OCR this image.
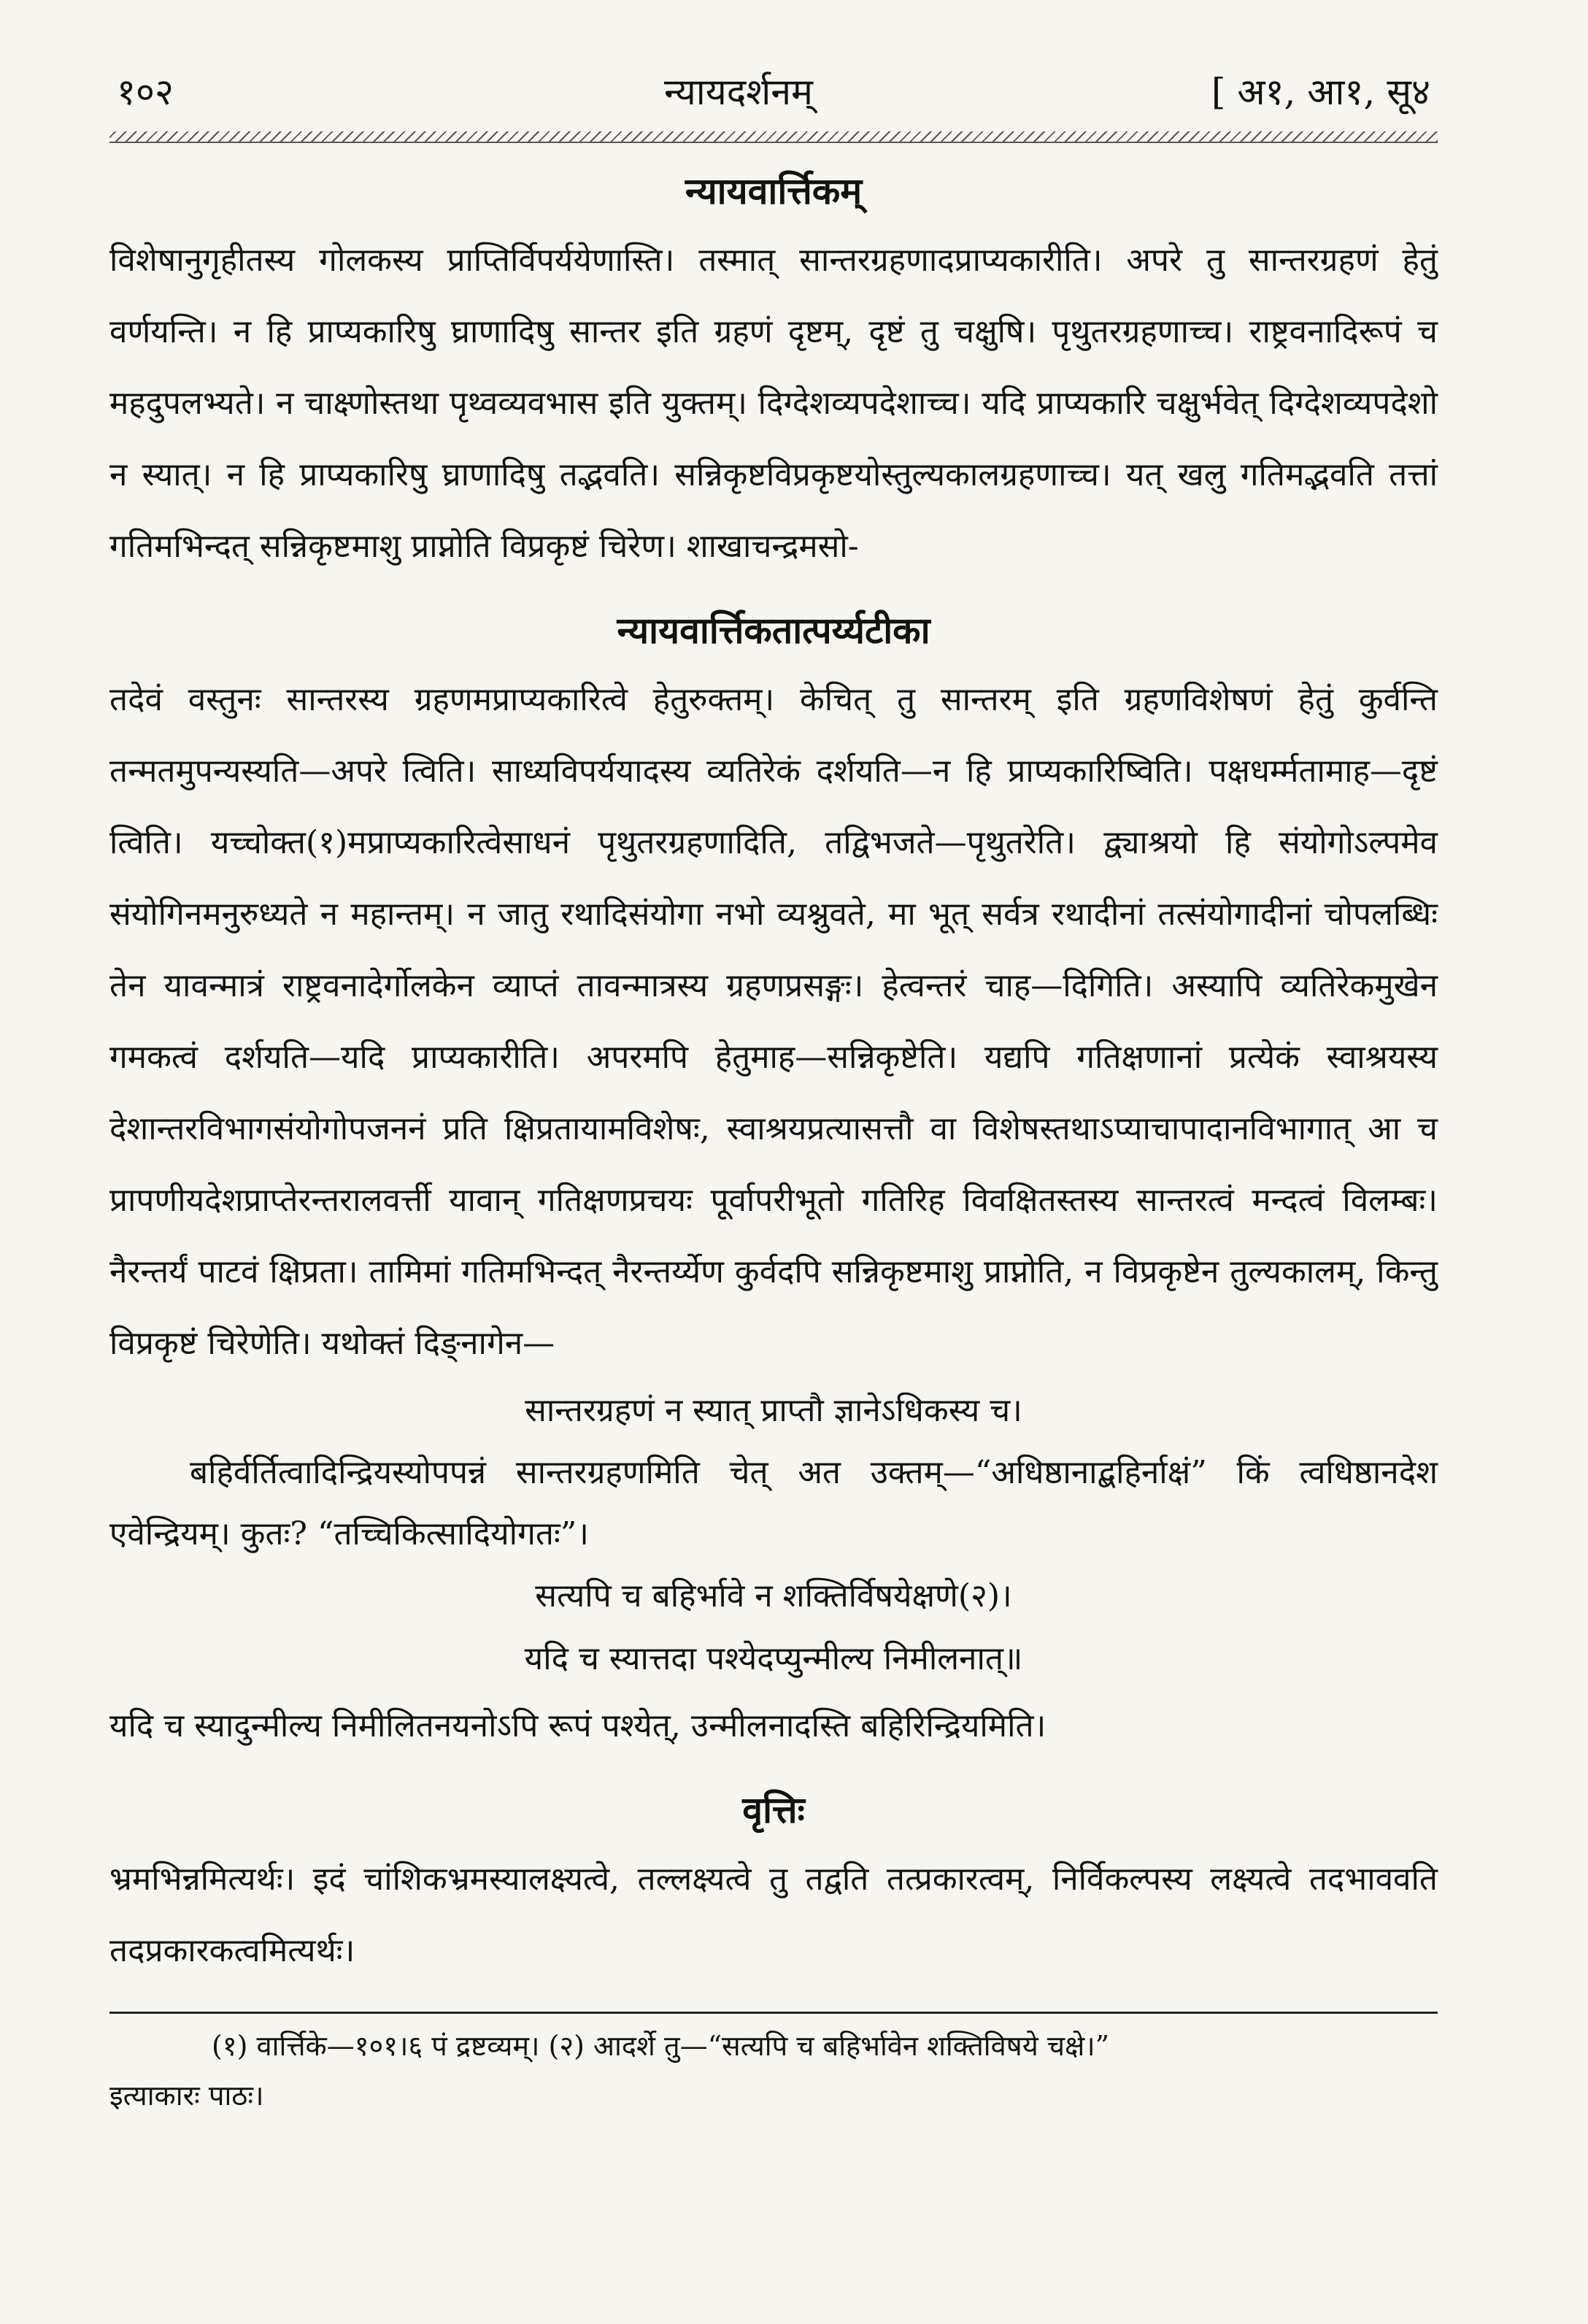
१०२	न्यायदर्शनम्	[ अ१, आ१, सू४
न्यायवार्त्तिकम्

विशेषानुगृहीतस्य गोलकस्य प्राप्तिर्विपर्ययेणास्ति। तस्मात् सान्तरग्रहणादप्राप्यकारीति। अपरे तु सान्तरग्रहणं हेतुं वर्णयन्ति। न हि प्राप्यकारिषु घ्राणादिषु सान्तर इति ग्रहणं दृष्टम्, दृष्टं तु चक्षुषि। पृथुतरग्रहणाच्च। राष्ट्रवनादिरूपं च महदुपलभ्यते। न चाक्ष्णोस्तथा पृथ्वव्यवभास इति युक्तम्। दिग्देशव्यपदेशाच्च। यदि प्राप्यकारि चक्षुर्भवेत् दिग्देशव्यपदेशो न स्यात्। न हि प्राप्यकारिषु घ्राणादिषु तद्भवति। सन्निकृष्टविप्रकृष्टयोस्तुल्यकालग्रहणाच्च। यत् खलु गतिमद्भवति तत्तां गतिमभिन्दत् सन्निकृष्टमाशु प्राप्नोति विप्रकृष्टं चिरेण। शाखाचन्द्रमसो-

न्यायवार्त्तिकतात्पर्य्यटीका

तदेवं वस्तुनः सान्तरस्य ग्रहणमप्राप्यकारित्वे हेतुरुक्तम्। केचित् तु सान्तरम् इति ग्रहणविशेषणं हेतुं कुर्वन्ति तन्मतमुपन्यस्यति—अपरे त्विति। साध्यविपर्ययादस्य व्यतिरेकं दर्शयति—न हि प्राप्यकारिष्विति। पक्षधर्म्मतामाह—दृष्टं त्विति। यच्चोक्त(१)मप्राप्यकारित्वेसाधनं पृथुतरग्रहणादिति, तद्विभजते—पृथुतरेति। द्व्याश्रयो हि संयोगोऽल्पमेव संयोगिनमनुरुध्यते न महान्तम्। न जातु रथादिसंयोगा नभो व्यश्नुवते, मा भूत् सर्वत्र रथादीनां तत्संयोगादीनां चोपलब्धिः तेन यावन्मात्रं राष्ट्रवनादेर्गोलकेन व्याप्तं तावन्मात्रस्य ग्रहणप्रसङ्गः। हेत्वन्तरं चाह—दिगिति। अस्यापि व्यतिरेकमुखेन गमकत्वं दर्शयति—यदि प्राप्यकारीति। अपरमपि हेतुमाह—सन्निकृष्टेति। यद्यपि गतिक्षणानां प्रत्येकं स्वाश्रयस्य देशान्तरविभागसंयोगोपजननं प्रति क्षिप्रतायामविशेषः, स्वाश्रयप्रत्यासत्तौ वा विशेषस्तथाऽप्याचापादानविभागात् आ च प्रापणीयदेशप्राप्तेरन्तरालवर्त्ती यावान् गतिक्षणप्रचयः पूर्वापरीभूतो गतिरिह विवक्षितस्तस्य सान्तरत्वं मन्दत्वं विलम्बः। नैरन्तर्यं पाटवं क्षिप्रता। तामिमां गतिमभिन्दत् नैरन्तर्य्येण कुर्वदपि सन्निकृष्टमाशु प्राप्नोति, न विप्रकृष्टेन तुल्यकालम्, किन्तु विप्रकृष्टं चिरेणेति। यथोक्तं दिङ्नागेन—

सान्तरग्रहणं न स्यात् प्राप्तौ ज्ञानेऽधिकस्य च।

बहिर्वर्तित्वादिन्द्रियस्योपपन्नं सान्तरग्रहणमिति चेत् अत उक्तम्—“अधिष्ठानाद्बहिर्नाक्षं” किं त्वधिष्ठानदेश एवेन्द्रियम्। कुतः? “तच्चिकित्सादियोगतः”।

सत्यपि च बहिर्भावे न शक्तिर्विषयेक्षणे(२)।

यदि च स्यात्तदा पश्येदप्युन्मील्य निमीलनात्॥

यदि च स्यादुन्मील्य निमीलितनयनोऽपि रूपं पश्येत्, उन्मीलनादस्ति बहिरिन्द्रियमिति।

वृत्तिः

भ्रमभिन्नमित्यर्थः। इदं चांशिकभ्रमस्यालक्ष्यत्वे, तल्लक्ष्यत्वे तु तद्वति तत्प्रकारत्वम्, निर्विकल्पस्य लक्ष्यत्वे तदभाववति तदप्रकारकत्वमित्यर्थः।

(१) वार्त्तिके—१०१।६ पं द्रष्टव्यम्। (२) आदर्शे तु—“सत्यपि च बहिर्भावेन शक्तिविषये चक्षे।”

इत्याकारः पाठः।
